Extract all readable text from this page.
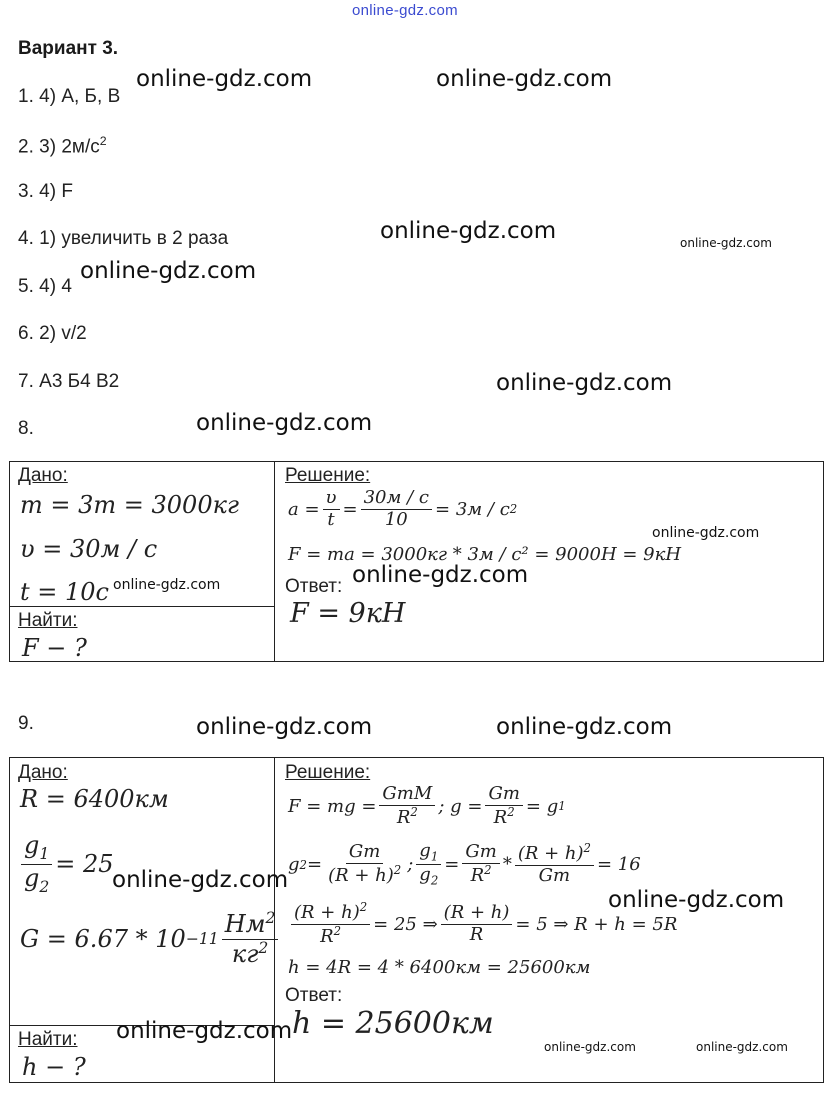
online-gdz.com
Вариант 3.
1. 4) А, Б, В
2. 3) $2м/с^2$
3. 4) F
4. 1) увеличить в 2 раза
5. 4) 4
6. 2) v/2
7. А3 Б4 В2
8.
9.
Дано:
m = 3т = 3000кг
υ = 30м / с
t = 10с
Найти:
F − ?
Решение:
$a = \frac{\upsilon}{t} = \frac{30м / с}{10} = 3м / с$ 2
F = ma = 3000кг * 3м / с² = 9000Н = 9кН
Ответ:
F = 9кН
Дано:
R = 6400км
$\frac{g_1}{g_2} = 25$
$G = 6.67 * 10 -11 \frac{Нм^2}{кг^2}$
Найти:
h − ?
Решение:
F = mg = $\frac{\text{GmM}}{R^2}$ ; $g = \frac{Gm}{R^2} = g$ 1
g $2 = \frac{Gm}{(R + h)^2}$ ; $\frac{g_1}{g_2} = \frac{Gm}{R^2} * \frac{(R + h)^2}{Gm} = 16$
$\frac{(R + h)^2}{R^2} = 25$ ⇒ $\frac{(R + h)}{R} = 5$ ⇒ R + h = 5R
h = 4R = 4 * 6400км = 25600км
Ответ:
h = 25600км
online-gdz.com	online-gdz.com
online-gdz.com	online-gdz.com
online-gdz.com
online-gdz.com
online-gdz.com
online-gdz.com
online-gdz.com
online-gdz.com
online-gdz.com	online-gdz.com
online-gdz.com
online-gdz.com
online-gdz.com
online-gdz.com	online-gdz.com
